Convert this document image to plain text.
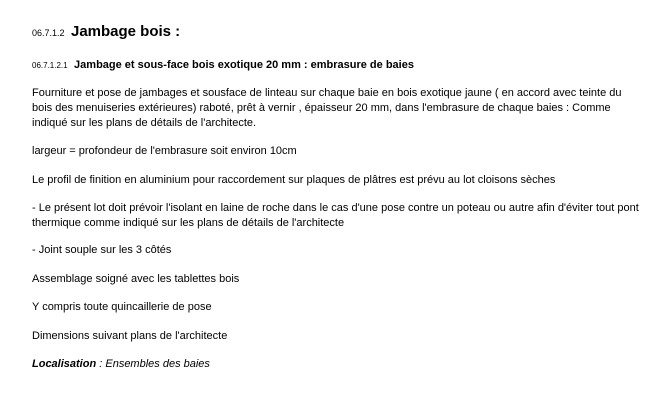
06.7.1.2 Jambage bois :
06.7.1.2.1 Jambage et sous-face bois exotique 20 mm : embrasure de baies

Fourniture et pose de jambages et sousface de linteau sur chaque baie en bois exotique jaune ( en accord avec teinte du bois des menuiseries extérieures) raboté, prêt à vernir , épaisseur 20 mm, dans l'embrasure de chaque baies : Comme indiqué sur les plans de détails de l'architecte.

largeur = profondeur de l'embrasure soit environ 10cm

Le profil de finition en aluminium pour raccordement sur plaques de plâtres est prévu au lot cloisons sèches

- Le présent lot doit prévoir l'isolant en laine de roche dans le cas d'une pose contre un poteau ou autre afin d'éviter tout pont thermique comme indiqué sur les plans de détails de l'architecte

- Joint souple sur les 3 côtés

Assemblage soigné avec les tablettes bois

Y compris toute quincaillerie de pose

Dimensions suivant plans de l'architecte

Localisation : Ensembles des baies
